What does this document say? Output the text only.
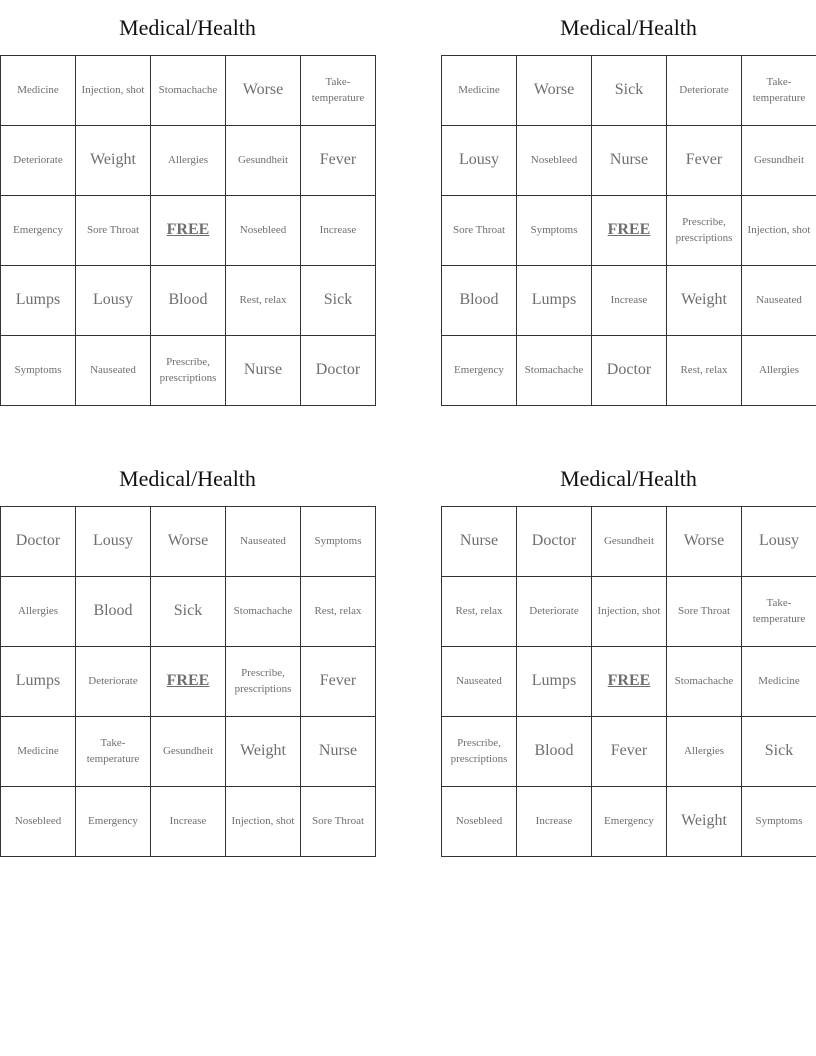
Medical/Health
Medicine	Injection, shot	Stomachache	Worse	Take-temperature
Deteriorate	Weight	Allergies	Gesundheit	Fever
Emergency	Sore Throat	FREE	Nosebleed	Increase
Lumps	Lousy	Blood	Rest, relax	Sick
Symptoms	Nauseated	Prescribe, prescriptions	Nurse	Doctor
Medical/Health
Medicine	Worse	Sick	Deteriorate	Take-temperature
Lousy	Nosebleed	Nurse	Fever	Gesundheit
Sore Throat	Symptoms	FREE	Prescribe, prescriptions	Injection, shot
Blood	Lumps	Increase	Weight	Nauseated
Emergency	Stomachache	Doctor	Rest, relax	Allergies
Medical/Health
Doctor	Lousy	Worse	Nauseated	Symptoms
Allergies	Blood	Sick	Stomachache	Rest, relax
Lumps	Deteriorate	FREE	Prescribe, prescriptions	Fever
Medicine	Take-temperature	Gesundheit	Weight	Nurse
Nosebleed	Emergency	Increase	Injection, shot	Sore Throat
Medical/Health
Nurse	Doctor	Gesundheit	Worse	Lousy
Rest, relax	Deteriorate	Injection, shot	Sore Throat	Take-temperature
Nauseated	Lumps	FREE	Stomachache	Medicine
Prescribe, prescriptions	Blood	Fever	Allergies	Sick
Nosebleed	Increase	Emergency	Weight	Symptoms
